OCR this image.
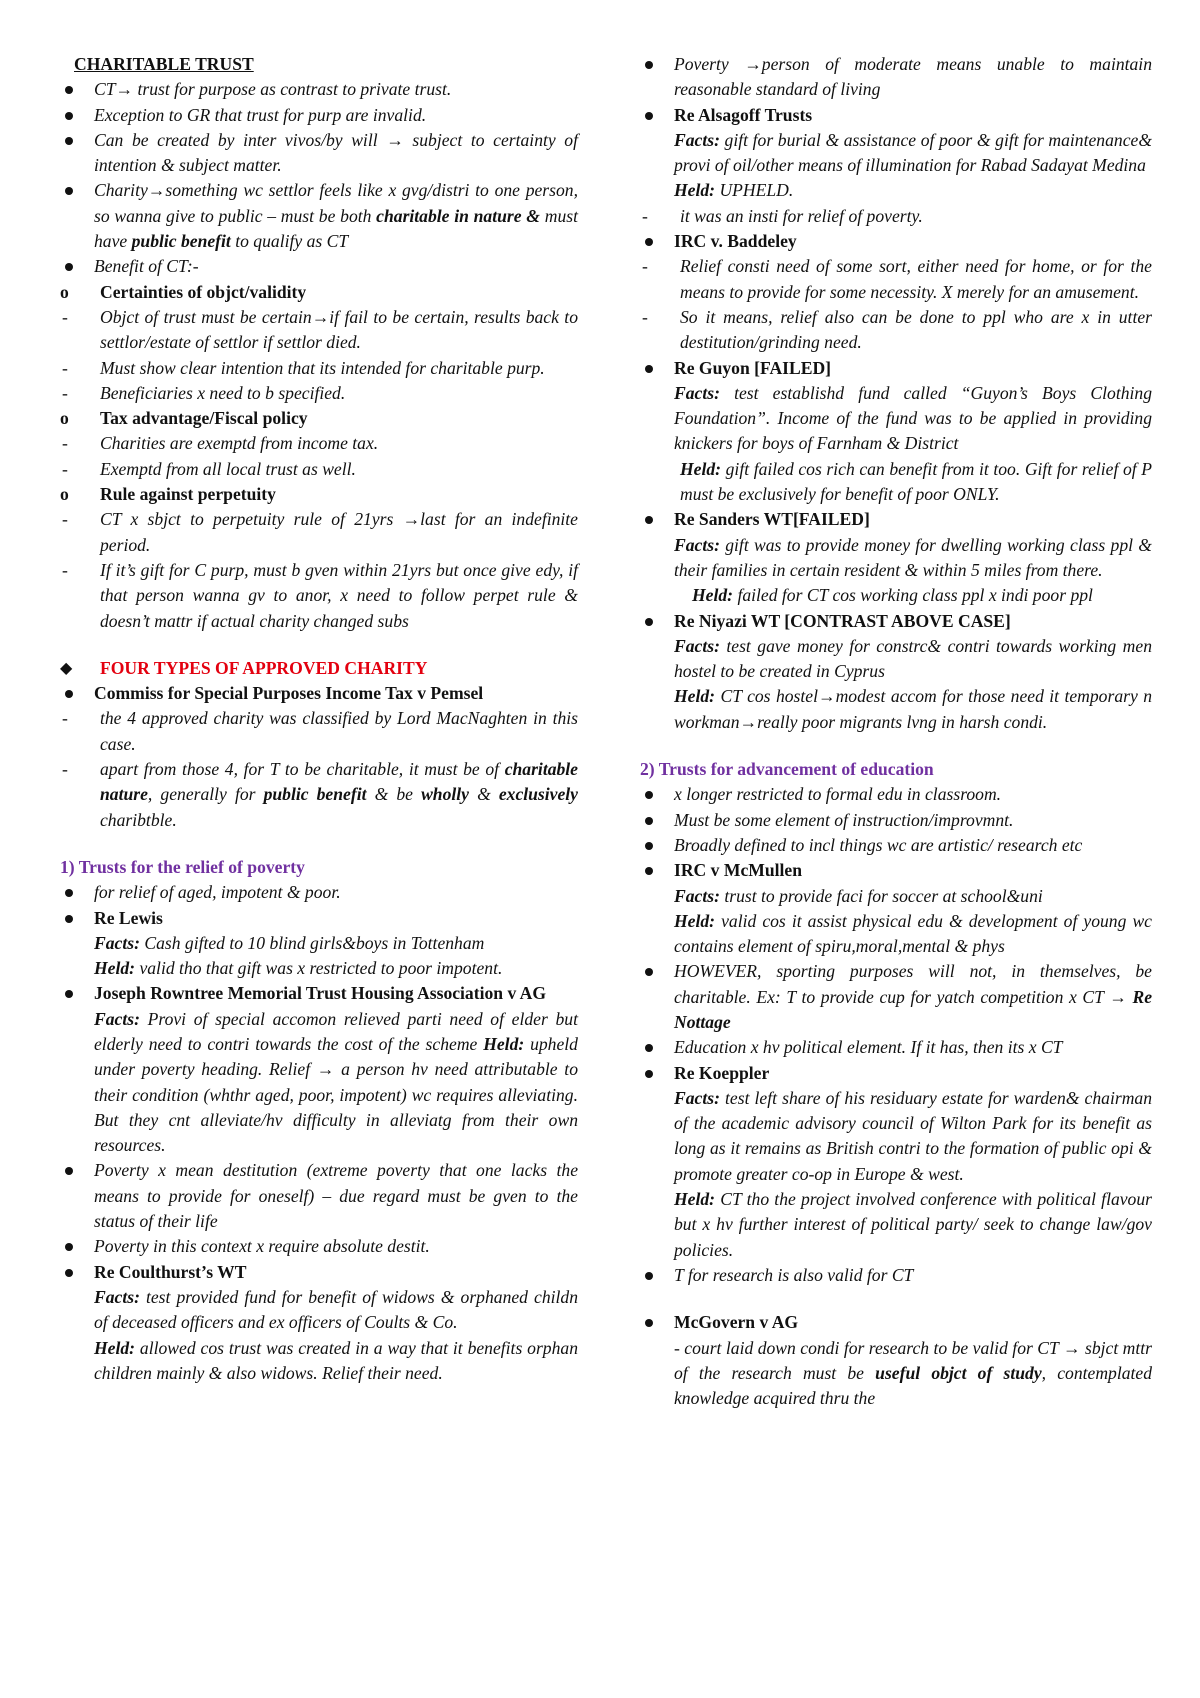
CHARITABLE TRUST
CT→ trust for purpose as contrast to private trust.
Exception to GR that trust for purp are invalid.
Can be created by inter vivos/by will → subject to certainty of intention & subject matter.
Charity→something wc settlor feels like x gvg/distri to one person, so wanna give to public – must be both charitable in nature & must have public benefit to qualify as CT
Benefit of CT:-
o Certainties of objct/validity
- Objct of trust must be certain→if fail to be certain, results back to settlor/estate of settlor if settlor died.
- Must show clear intention that its intended for charitable purp.
- Beneficiaries x need to b specified.
o Tax advantage/Fiscal policy
- Charities are exemptd from income tax.
- Exemptd from all local trust as well.
o Rule against perpetuity
- CT x sbjct to perpetuity rule of 21yrs →last for an indefinite period.
- If it’s gift for C purp, must b gven within 21yrs but once give edy, if that person wanna gv to anor, x need to follow perpet rule & doesn’t mattr if actual charity changed subs
◆ FOUR TYPES OF APPROVED CHARITY
Commiss for Special Purposes Income Tax v Pemsel
- the 4 approved charity was classified by Lord MacNaghten in this case.
- apart from those 4, for T to be charitable, it must be of charitable nature, generally for public benefit & be wholly & exclusively charibtble.
1) Trusts for the relief of poverty
for relief of aged, impotent & poor.
Re Lewis
Facts: Cash gifted to 10 blind girls&boys in Tottenham
Held: valid tho that gift was x restricted to poor impotent.
Joseph Rowntree Memorial Trust Housing Association v AG
Facts: Provi of special accomon relieved parti need of elder but elderly need to contri towards the cost of the scheme Held: upheld under poverty heading. Relief → a person hv need attributable to their condition (whthr aged, poor, impotent) wc requires alleviating. But they cnt alleviate/hv difficulty in alleviatg from their own resources.
Poverty x mean destitution (extreme poverty that one lacks the means to provide for oneself) – due regard must be gven to the status of their life
Poverty in this context x require absolute destit.
Re Coulthurst’s WT
Facts: test provided fund for benefit of widows & orphaned childn of deceased officers and ex officers of Coults & Co.
Held: allowed cos trust was created in a way that it benefits orphan children mainly & also widows. Relief their need.
Poverty →person of moderate means unable to maintain reasonable standard of living
Re Alsagoff Trusts
Facts: gift for burial & assistance of poor & gift for maintenance& provi of oil/other means of illumination for Rabad Sadayat Medina
Held: UPHELD.
- it was an insti for relief of poverty.
IRC v. Baddeley
- Relief consti need of some sort, either need for home, or for the means to provide for some necessity. X merely for an amusement.
- So it means, relief also can be done to ppl who are x in utter destitution/grinding need.
Re Guyon [FAILED]
Facts: test establishd fund called “Guyon’s Boys Clothing Foundation”. Income of the fund was to be applied in providing knickers for boys of Farnham & District
Held: gift failed cos rich can benefit from it too. Gift for relief of P must be exclusively for benefit of poor ONLY.
Re Sanders WT[FAILED]
Facts: gift was to provide money for dwelling working class ppl & their families in certain resident & within 5 miles from there.
Held: failed for CT cos working class ppl x indi poor ppl
Re Niyazi WT [CONTRAST ABOVE CASE]
Facts: test gave money for constrc& contri towards working men hostel to be created in Cyprus
Held: CT cos hostel→modest accom for those need it temporary n workman→really poor migrants lvng in harsh condi.
2) Trusts for advancement of education
x longer restricted to formal edu in classroom.
Must be some element of instruction/improvmnt.
Broadly defined to incl things wc are artistic/ research etc
IRC v McMullen
Facts: trust to provide faci for soccer at school&uni
Held: valid cos it assist physical edu & development of young wc contains element of spiru,moral,mental & phys
HOWEVER, sporting purposes will not, in themselves, be charitable. Ex: T to provide cup for yatch competition x CT → Re Nottage
Education x hv political element. If it has, then its x CT
Re Koeppler
Facts: test left share of his residuary estate for warden& chairman of the academic advisory council of Wilton Park for its benefit as long as it remains as British contri to the formation of public opi & promote greater co-op in Europe & west.
Held: CT tho the project involved conference with political flavour but x hv further interest of political party/ seek to change law/gov policies.
T for research is also valid for CT
McGovern v AG
- court laid down condi for research to be valid for CT → sbjct mttr of the research must be useful objct of study, contemplated knowledge acquired thru the
